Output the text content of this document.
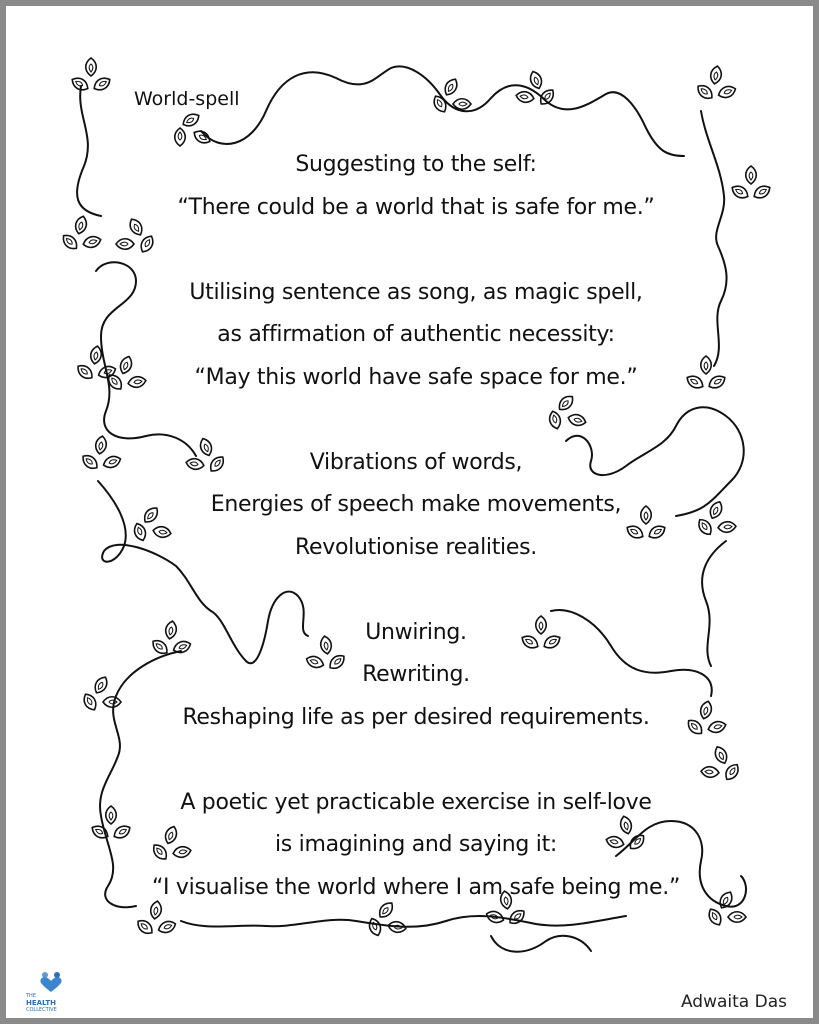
World-spell
Suggesting to the self:
“There could be a world that is safe for me.”
Utilising sentence as song, as magic spell,
as affirmation of authentic necessity:
“May this world have safe space for me.”
Vibrations of words,
Energies of speech make movements,
Revolutionise realities.
Unwiring.
Rewriting.
Reshaping life as per desired requirements.
A poetic yet practicable exercise in self-love
is imagining and saying it:
“I visualise the world where I am safe being me.”
THE
HEALTH
COLLECTIVE	Adwaita Das
